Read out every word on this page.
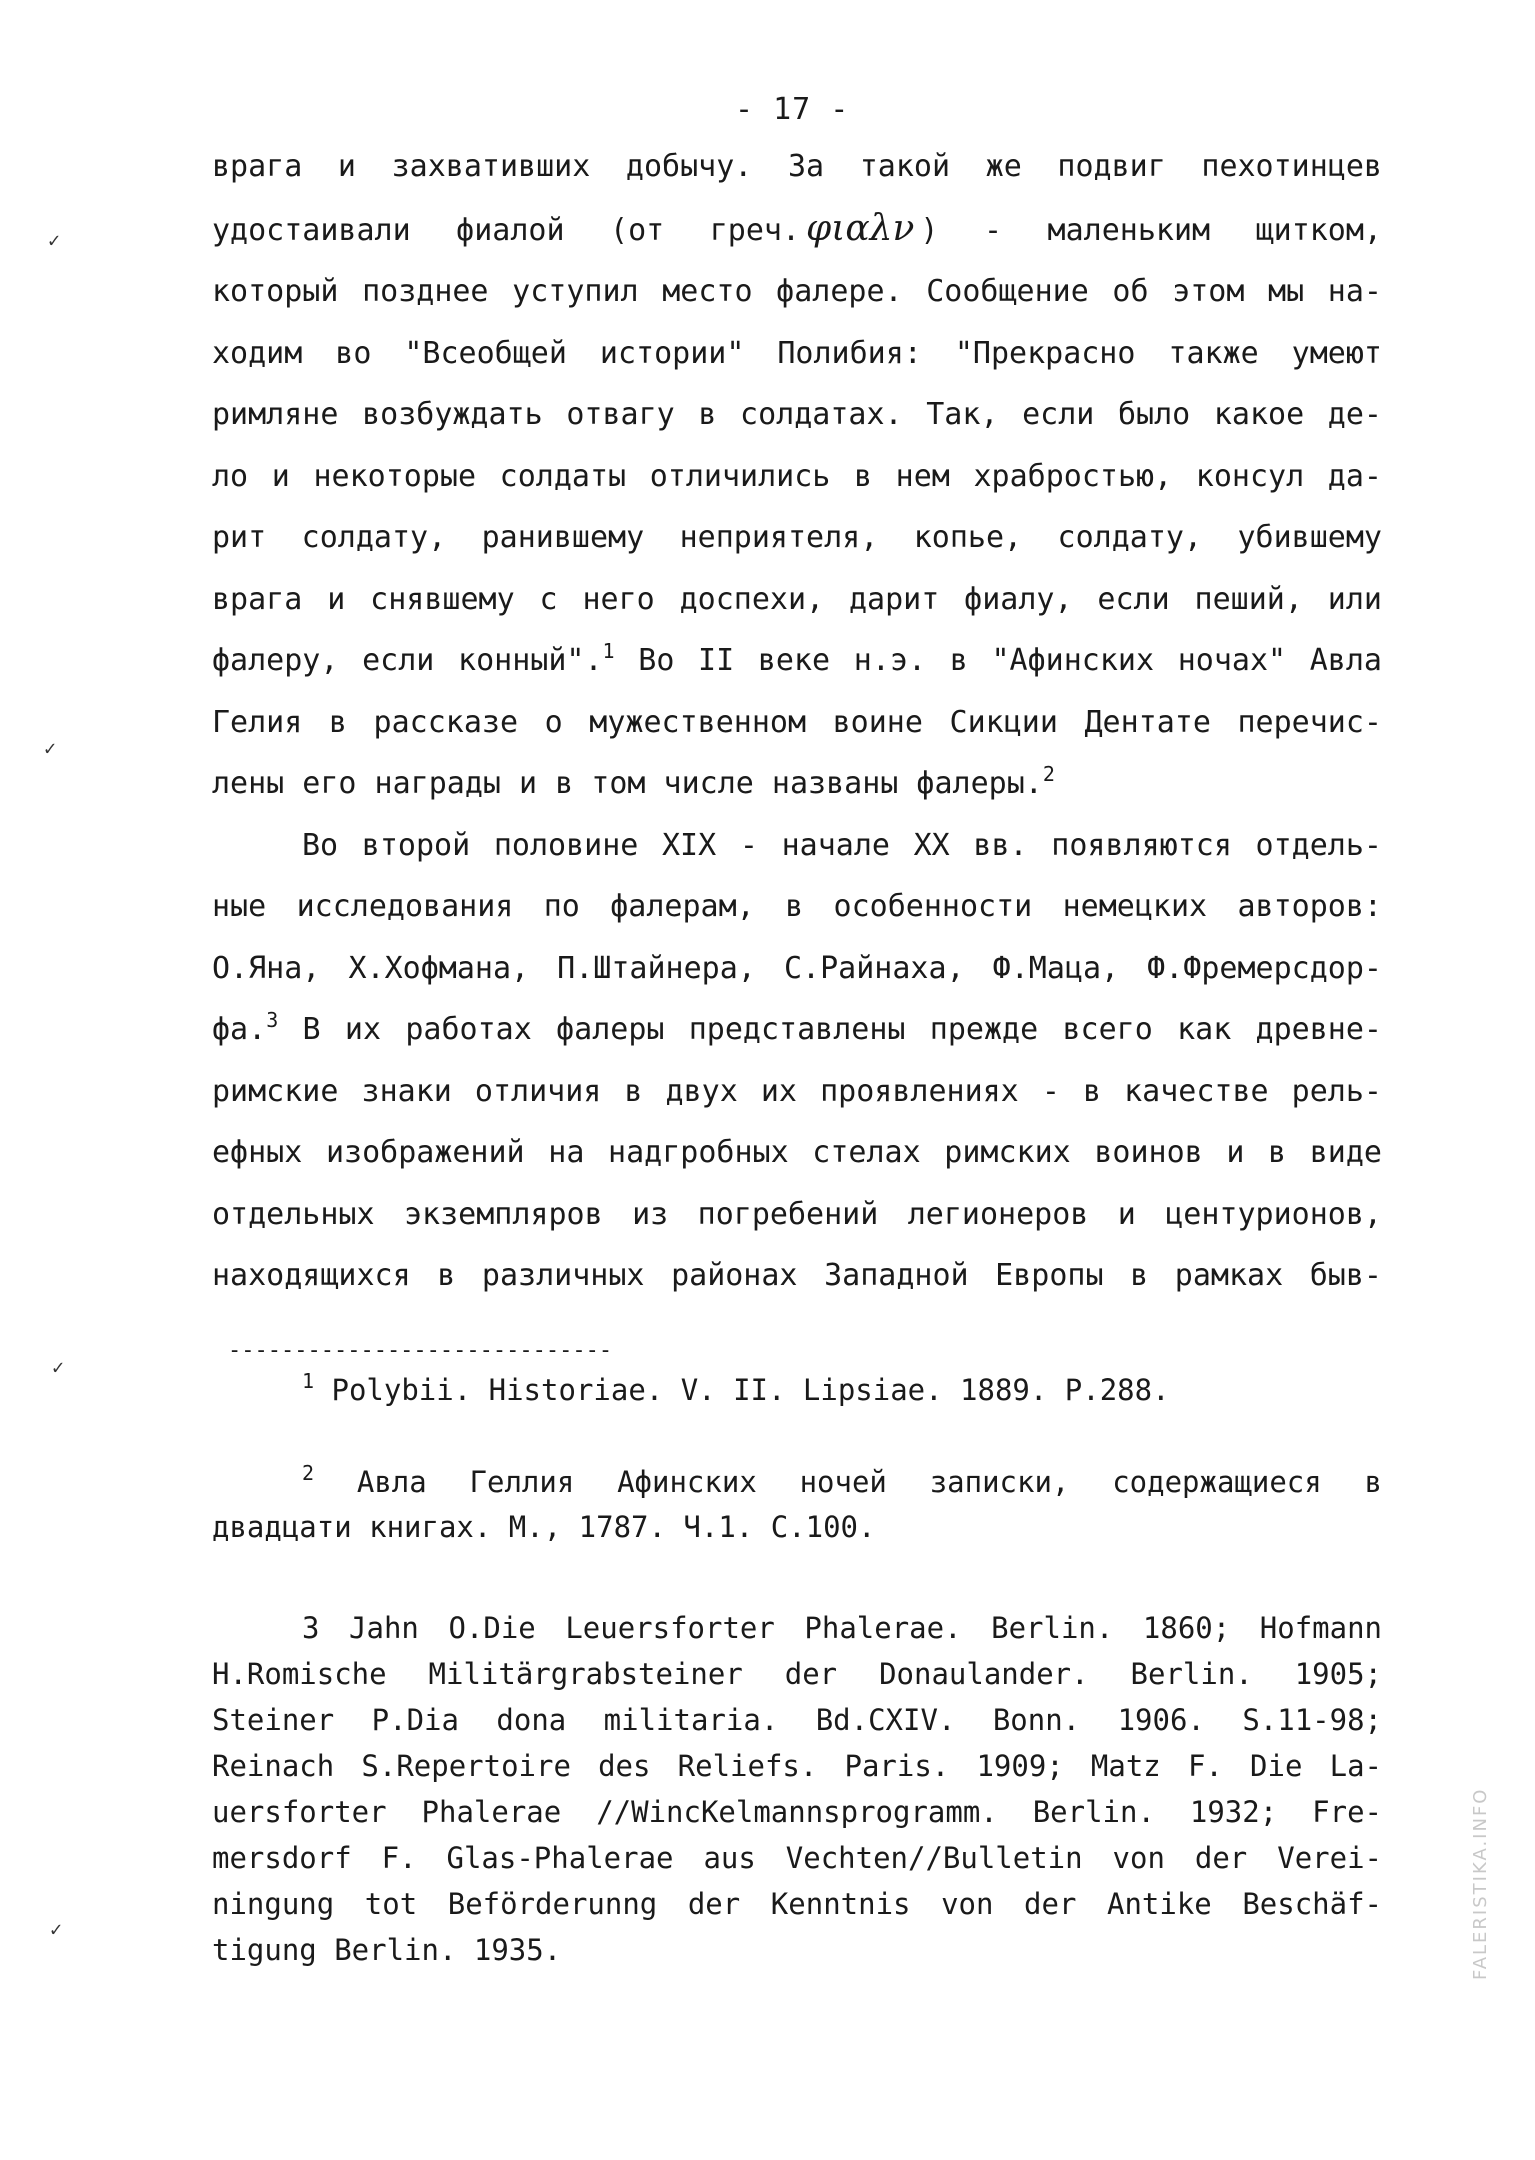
- 17 -
✓
✓
✓
✓
врага и захвативших добычу. За такой же подвиг пехотинцев
удостаивали фиалой (от греч. φιαλν ) - маленьким щитком,
который позднее уступил место фалере. Сообщение об этом мы на-
ходим во "Всеобщей истории" Полибия: "Прекрасно также умеют
римляне возбуждать отвагу в солдатах. Так, если было какое де-
ло и некоторые солдаты отличились в нем храбростью, консул да-
рит солдату, ранившему неприятеля, копье, солдату, убившему
врага и снявшему с него доспехи, дарит фиалу, если пеший, или
фалеру, если конный".$^1$ Во II веке н.э. в "Афинских ночах" Авла
Гелия в рассказе о мужественном воине Сикции Дентате перечис-
лены его награды и в том числе названы фалеры.$^2$
Во второй половине XIX - начале XX вв. появляются отдель-
ные исследования по фалерам, в особенности немецких авторов:
О.Яна, Х.Хофмана, П.Штайнера, С.Райнаха, Ф.Маца, Ф.Фремерсдор-
фа.$^3$ В их работах фалеры представлены прежде всего как древне-
римские знаки отличия в двух их проявлениях - в качестве рель-
ефных изображений на надгробных стелах римских воинов и в виде
отдельных экземпляров из погребений легионеров и центурионов,
находящихся в различных районах Западной Европы в рамках быв-
-----------------------------
$^1$ Polybii. Historiae. V. II. Lipsiae. 1889. P.288.
$^2$ Авла Геллия Афинских ночей записки, содержащиеся в
двадцати книгах. М., 1787. Ч.1. С.100.
3 Jahn O.Die Leuersforter Phalerae. Berlin. 1860; Hofmann
H.Romische Militärgrabsteiner der Donaulander. Berlin. 1905;
Steiner P.Dia dona militaria. Bd.CXIV. Bonn. 1906. S.11-98;
Reinach S.Repertoire des Reliefs. Paris. 1909; Matz F. Die La-
uersforter Phalerae //WincKelmannsprogramm. Berlin. 1932; Fre-
mersdorf F. Glas-Phalerae aus Vechten//Bulletin von der Verei-
ningung tot Beförderunng der Kenntnis von der Antike Beschäf-
tigung Berlin. 1935.	FALERISTIKA.INFO
